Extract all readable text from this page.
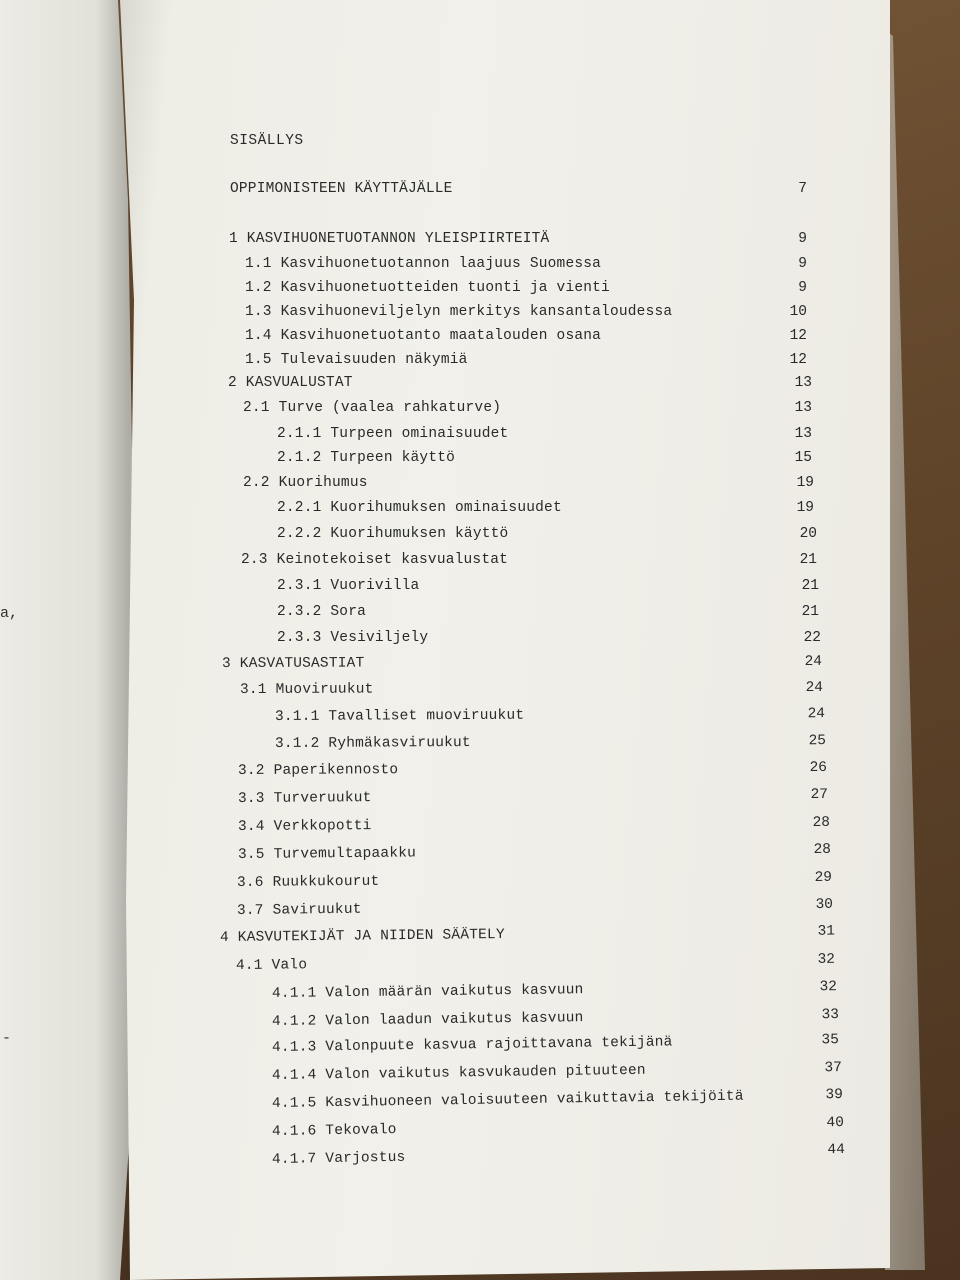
a,
-
SISÄLLYS
OPPIMONISTEEN KÄYTTÄJÄLLE	7
1 KASVIHUONETUOTANNON YLEISPIIRTEITÄ	9
1.1 Kasvihuonetuotannon laajuus Suomessa	9
1.2 Kasvihuonetuotteiden tuonti ja vienti	9
1.3 Kasvihuoneviljelyn merkitys kansantaloudessa	10
1.4 Kasvihuonetuotanto maatalouden osana	12
1.5 Tulevaisuuden näkymiä	12
2 KASVUALUSTAT	13
2.1 Turve (vaalea rahkaturve)	13
2.1.1 Turpeen ominaisuudet	13
2.1.2 Turpeen käyttö	15
2.2 Kuorihumus	19
2.2.1 Kuorihumuksen ominaisuudet	19
2.2.2 Kuorihumuksen käyttö	20
2.3 Keinotekoiset kasvualustat	21
2.3.1 Vuorivilla	21
2.3.2 Sora	21
2.3.3 Vesiviljely	22
3 KASVATUSASTIAT	24
3.1 Muoviruukut	24
3.1.1 Tavalliset muoviruukut	24
3.1.2 Ryhmäkasviruukut	25
3.2 Paperikennosto	26
3.3 Turveruukut	27
3.4 Verkkopotti	28
3.5 Turvemultapaakku	28
3.6 Ruukkukourut	29
3.7 Saviruukut	30
4 KASVUTEKIJÄT JA NIIDEN SÄÄTELY	31
4.1 Valo	32
4.1.1 Valon määrän vaikutus kasvuun	32
4.1.2 Valon laadun vaikutus kasvuun	33
4.1.3 Valonpuute kasvua rajoittavana tekijänä	35
4.1.4 Valon vaikutus kasvukauden pituuteen	37
4.1.5 Kasvihuoneen valoisuuteen vaikuttavia tekijöitä	39
4.1.6 Tekovalo	40
4.1.7 Varjostus	44
